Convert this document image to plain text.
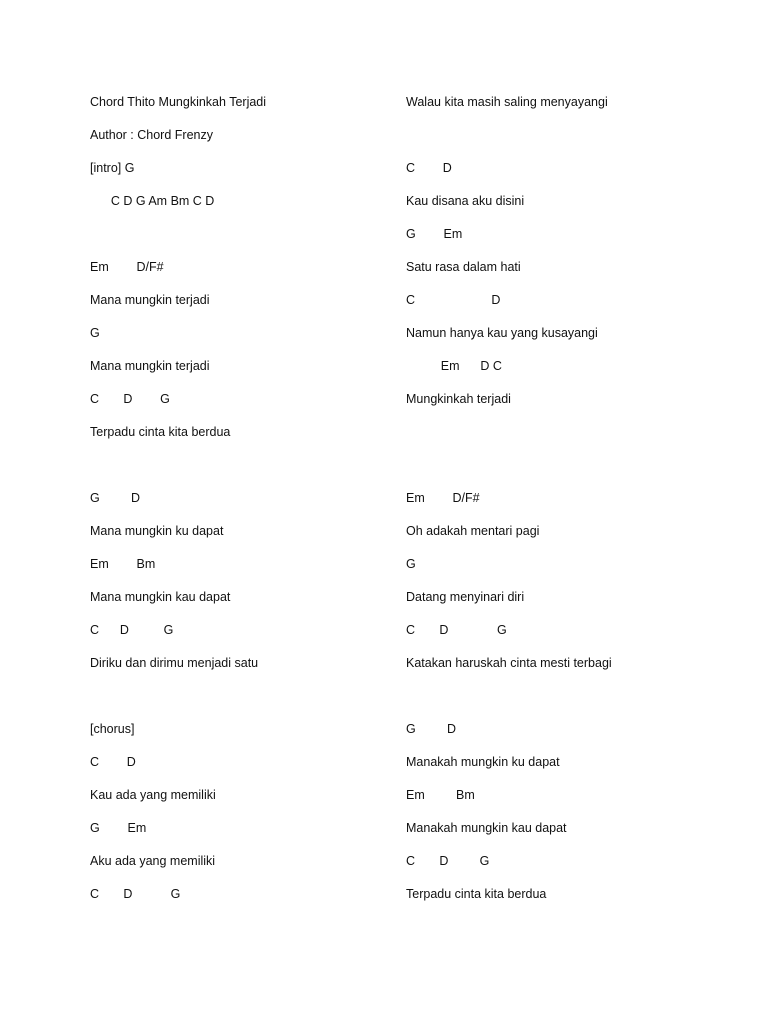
Chord Thito Mungkinkah Terjadi
Author : Chord Frenzy
[intro] G
C D G Am Bm C D
Em        D/F#
Mana mungkin terjadi
G
Mana mungkin terjadi
C       D        G
Terpadu cinta kita berdua
G         D
Mana mungkin ku dapat
Em        Bm
Mana mungkin kau dapat
C      D          G
Diriku dan dirimu menjadi satu
[chorus]
C        D
Kau ada yang memiliki
G        Em
Aku ada yang memiliki
C       D           G
Walau kita masih saling menyayangi
C        D
Kau disana aku disini
G        Em
Satu rasa dalam hati
C                      D
Namun hanya kau yang kusayangi
Em      D C
Mungkinkah terjadi
Em        D/F#
Oh adakah mentari pagi
G
Datang menyinari diri
C       D              G
Katakan haruskah cinta mesti terbagi
G         D
Manakah mungkin ku dapat
Em         Bm
Manakah mungkin kau dapat
C       D         G
Terpadu cinta kita berdua
